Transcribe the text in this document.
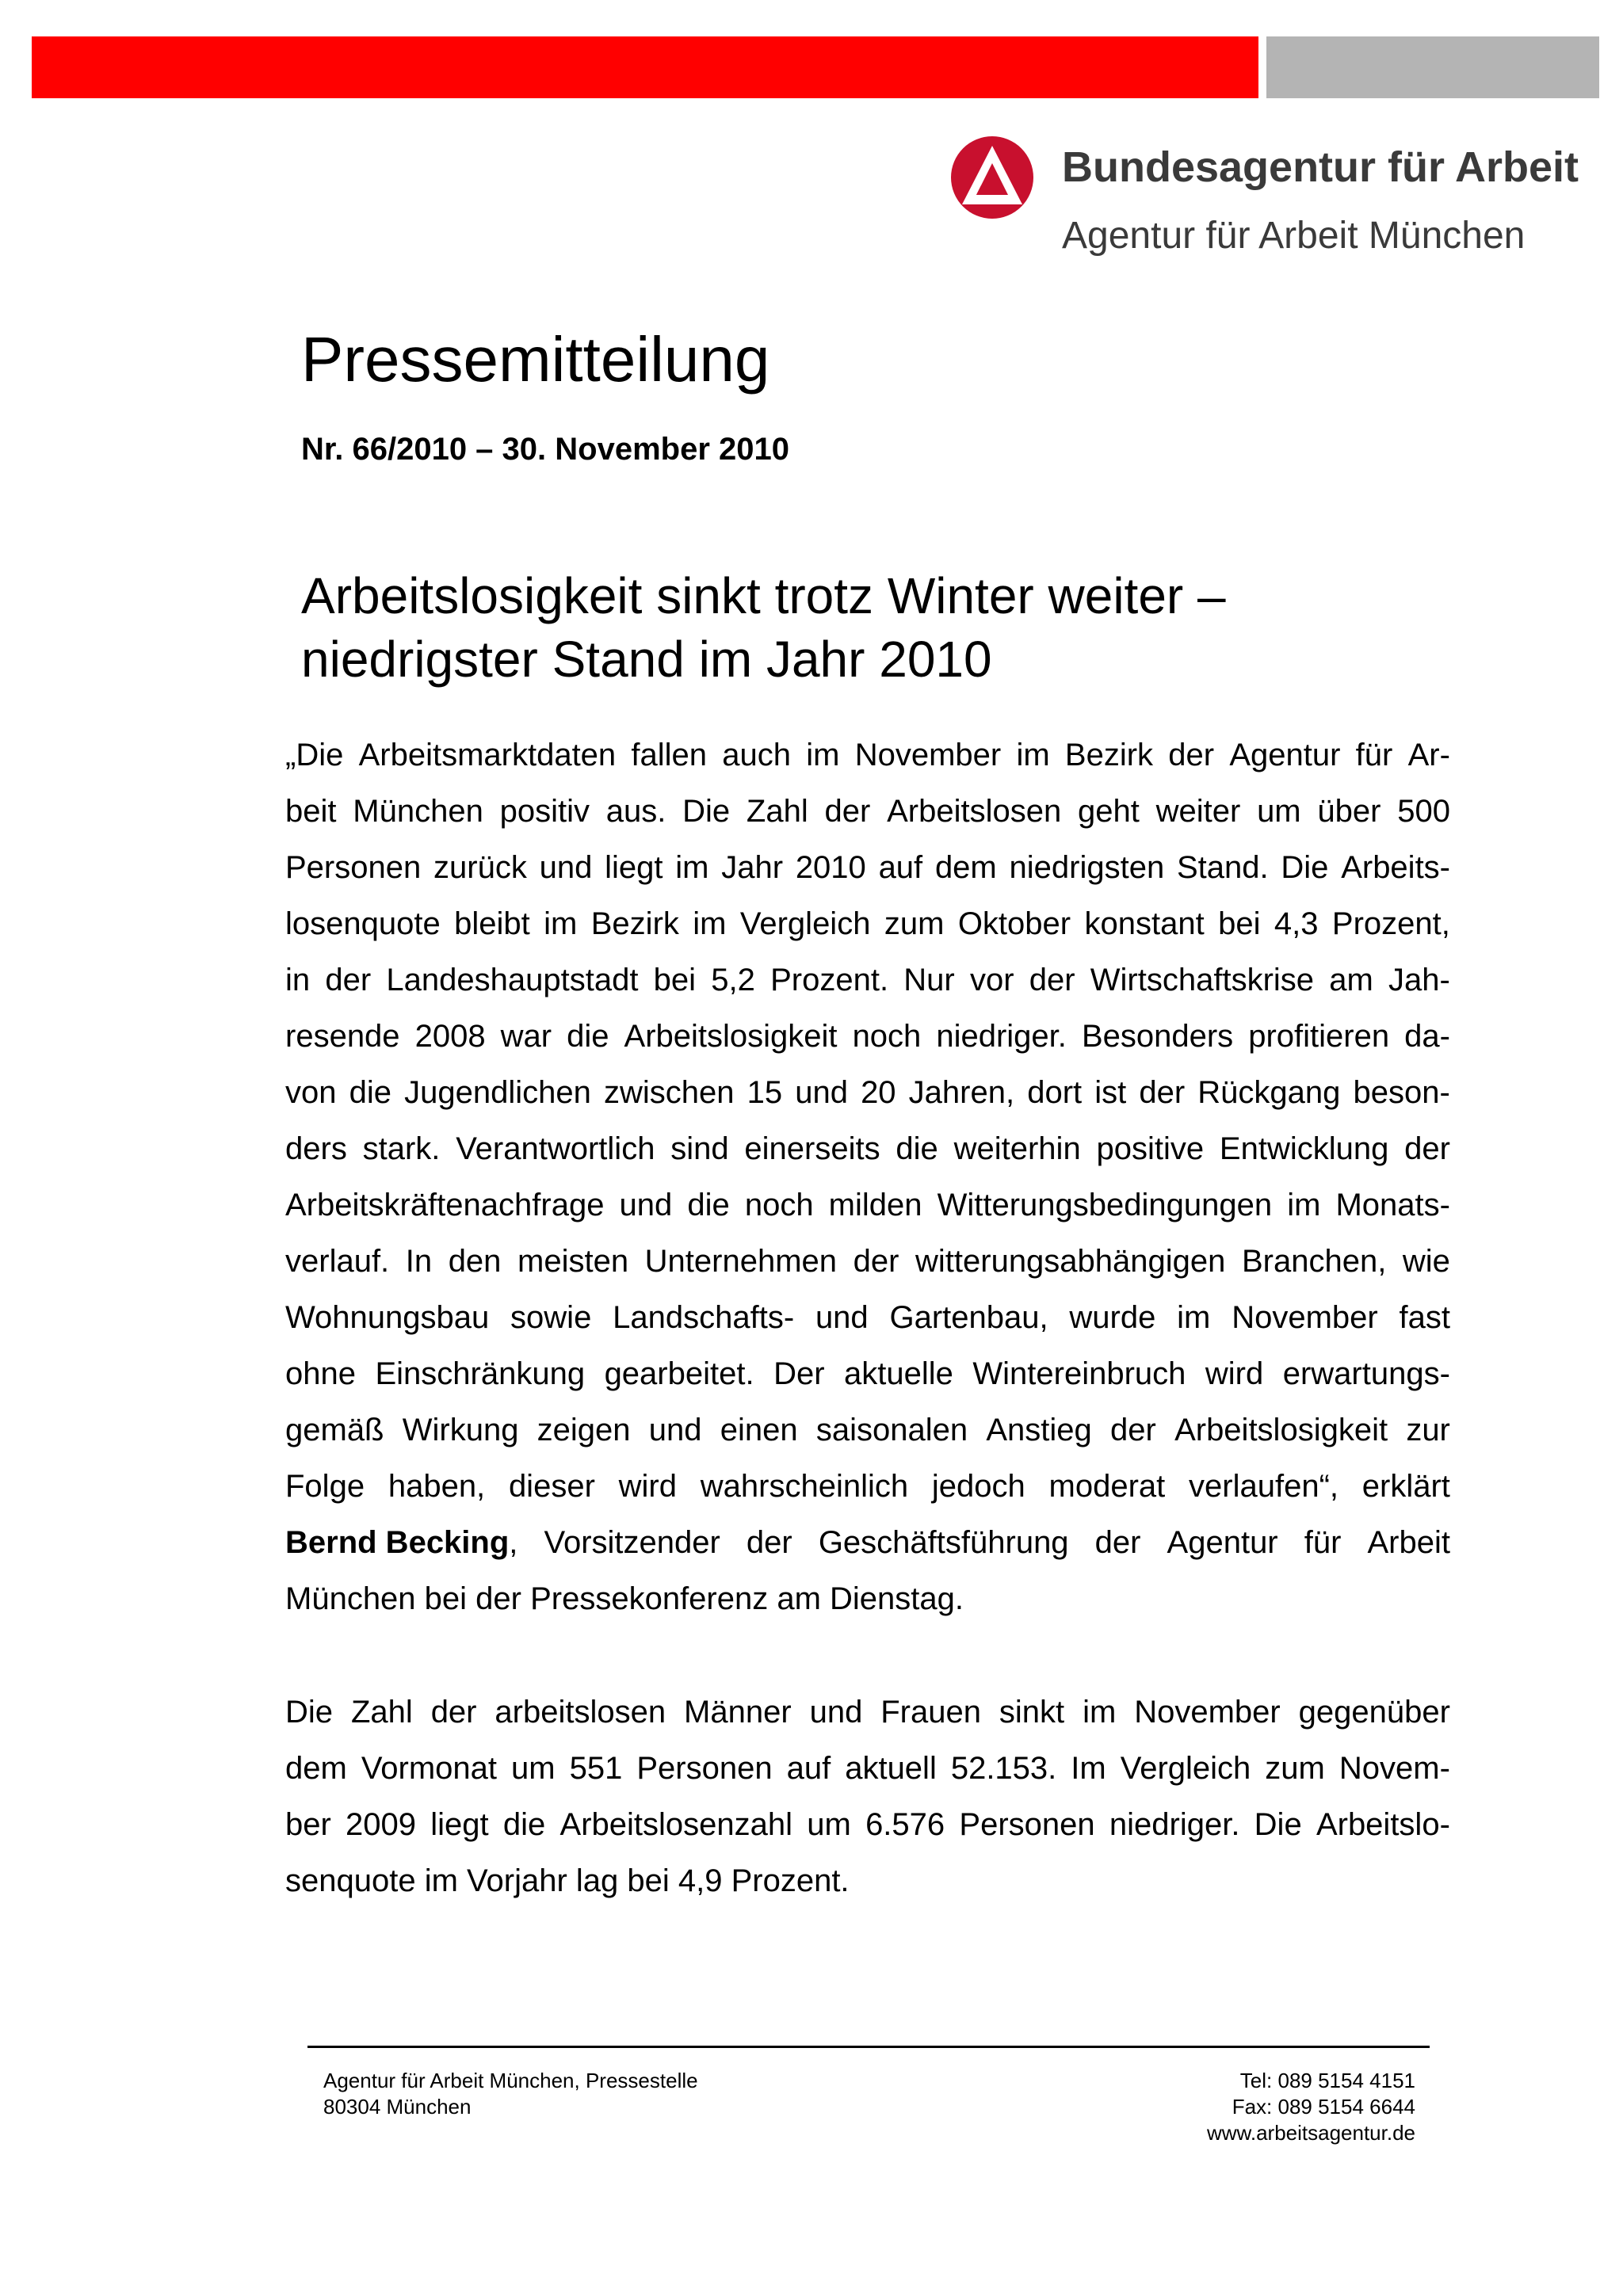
Bundesagentur für Arbeit
Agentur für Arbeit München
Pressemitteilung
Nr. 66/2010 – 30. November 2010
Arbeitslosigkeit sinkt trotz Winter weiter –
niedrigster Stand im Jahr 2010
„Die Arbeitsmarktdaten fallen auch im November im Bezirk der Agentur für Ar-
beit München positiv aus. Die Zahl der Arbeitslosen geht weiter um über 500
Personen zurück und liegt im Jahr 2010 auf dem niedrigsten Stand. Die Arbeits-
losenquote bleibt im Bezirk im Vergleich zum Oktober konstant bei 4,3 Prozent,
in der Landeshauptstadt bei 5,2 Prozent. Nur vor der Wirtschaftskrise am Jah-
resende 2008 war die Arbeitslosigkeit noch niedriger. Besonders profitieren da-
von die Jugendlichen zwischen 15 und 20 Jahren, dort ist der Rückgang beson-
ders stark. Verantwortlich sind einerseits die weiterhin positive Entwicklung der
Arbeitskräftenachfrage und die noch milden Witterungsbedingungen im Monats-
verlauf. In den meisten Unternehmen der witterungsabhängigen Branchen, wie
Wohnungsbau sowie Landschafts- und Gartenbau, wurde im November fast
ohne Einschränkung gearbeitet. Der aktuelle Wintereinbruch wird erwartungs-
gemäß Wirkung zeigen und einen saisonalen Anstieg der Arbeitslosigkeit zur
Folge haben, dieser wird wahrscheinlich jedoch moderat verlaufen“, erklärt
Bernd Becking , Vorsitzender der Geschäftsführung der Agentur für Arbeit
München bei der Pressekonferenz am Dienstag.
Die Zahl der arbeitslosen Männer und Frauen sinkt im November gegenüber
dem Vormonat um 551 Personen auf aktuell 52.153. Im Vergleich zum Novem-
ber 2009 liegt die Arbeitslosenzahl um 6.576 Personen niedriger. Die Arbeitslo-
senquote im Vorjahr lag bei 4,9 Prozent.
Agentur für Arbeit München, Pressestelle
80304 München
Tel: 089 5154 4151
Fax: 089 5154 6644
www.arbeitsagentur.de
